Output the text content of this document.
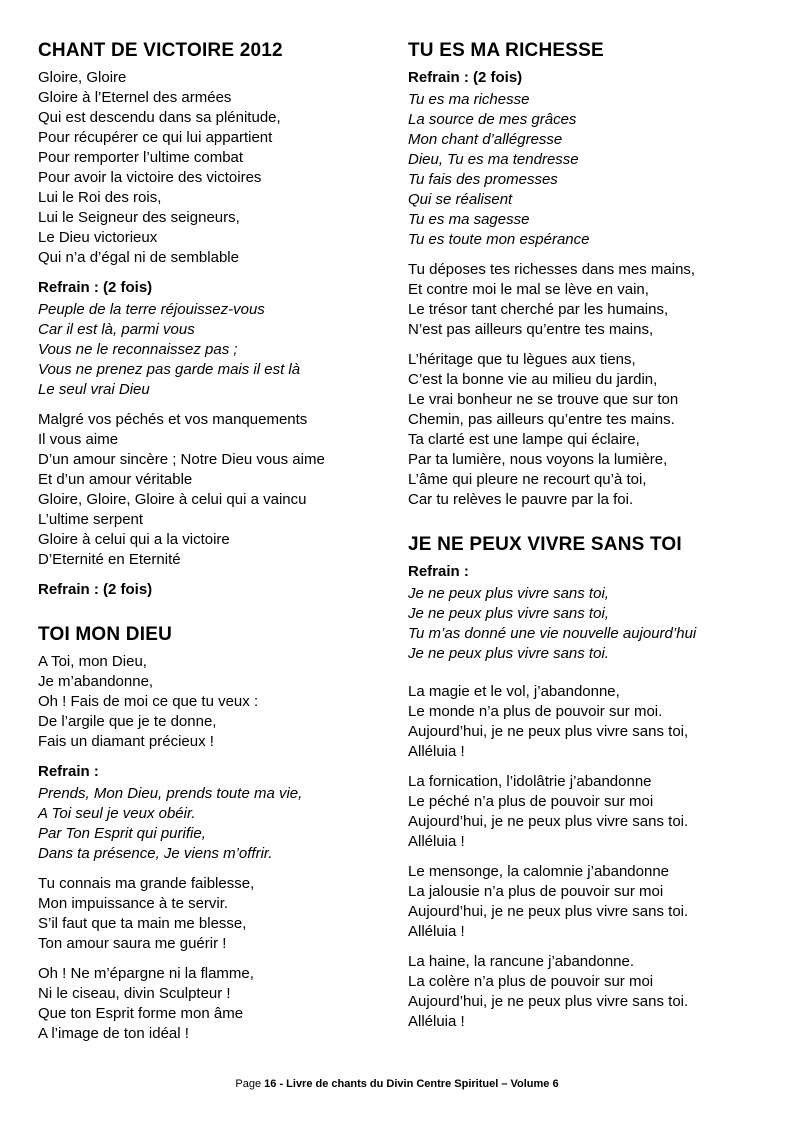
CHANT DE VICTOIRE 2012
Gloire, Gloire
Gloire à l’Eternel des armées
Qui est descendu dans sa plénitude,
Pour récupérer ce qui lui appartient
Pour remporter l’ultime combat
Pour avoir la victoire des victoires
Lui le Roi des rois,
Lui le Seigneur des seigneurs,
Le Dieu victorieux
Qui n’a d’égal ni de semblable
Refrain : (2 fois)
Peuple de la terre réjouissez-vous
Car il est là, parmi vous
Vous ne le reconnaissez pas ;
Vous ne prenez pas garde mais il est là
Le seul vrai Dieu
Malgré vos péchés et vos manquements
Il vous aime
D’un amour sincère ; Notre Dieu vous aime
Et d’un amour véritable
Gloire, Gloire, Gloire à celui qui a vaincu
L’ultime serpent
Gloire à celui qui a la victoire
D’Eternité en Eternité
Refrain : (2 fois)
TOI MON DIEU
A Toi, mon Dieu,
Je m’abandonne,
Oh ! Fais de moi ce que tu veux :
De l’argile que je te donne,
Fais un diamant précieux !
Refrain :
Prends, Mon Dieu, prends toute ma vie,
A Toi seul je veux obéir.
Par Ton Esprit qui purifie,
Dans ta présence, Je viens m’offrir.
Tu connais ma grande faiblesse,
Mon impuissance à te servir.
S’il faut que ta main me blesse,
Ton amour saura me guérir !
Oh ! Ne m’épargne ni la flamme,
Ni le ciseau, divin Sculpteur !
Que ton Esprit forme mon âme
A l’image de ton idéal !
TU ES MA RICHESSE
Refrain : (2 fois)
Tu es ma richesse
La source de mes grâces
Mon chant d’allégresse
Dieu, Tu es ma tendresse
Tu fais des promesses
Qui se réalisent
Tu es ma sagesse
Tu es toute mon espérance
Tu déposes tes richesses dans mes mains,
Et contre moi le mal se lève en vain,
Le trésor tant cherché par les humains,
N’est pas ailleurs qu’entre tes mains,
L’héritage que tu lègues aux tiens,
C’est la bonne vie au milieu du jardin,
Le vrai bonheur ne se trouve que sur ton
Chemin, pas ailleurs qu’entre tes mains.
Ta clarté est une lampe qui éclaire,
Par ta lumière, nous voyons la lumière,
L’âme qui pleure ne recourt qu’à toi,
Car tu relèves le pauvre par la foi.
JE NE PEUX VIVRE SANS TOI
Refrain :
Je ne peux plus vivre sans toi,
Je ne peux plus vivre sans toi,
Tu m’as donné une vie nouvelle aujourd’hui
Je ne peux plus vivre sans toi.
La magie et le vol, j’abandonne,
Le monde n’a plus de pouvoir sur moi.
Aujourd’hui, je ne peux plus vivre sans toi,
Alléluia !
La fornication, l’idolâtrie j’abandonne
Le péché n’a plus de pouvoir sur moi
Aujourd’hui, je ne peux plus vivre sans toi.
Alléluia !
Le mensonge, la calomnie j’abandonne
La jalousie n’a plus de pouvoir sur moi
Aujourd’hui, je ne peux plus vivre sans toi.
Alléluia !
La haine, la rancune j’abandonne.
La colère n’a plus de pouvoir sur moi
Aujourd’hui, je ne peux plus vivre sans toi.
Alléluia !
Page 16 - Livre de chants du Divin Centre Spirituel – Volume 6
